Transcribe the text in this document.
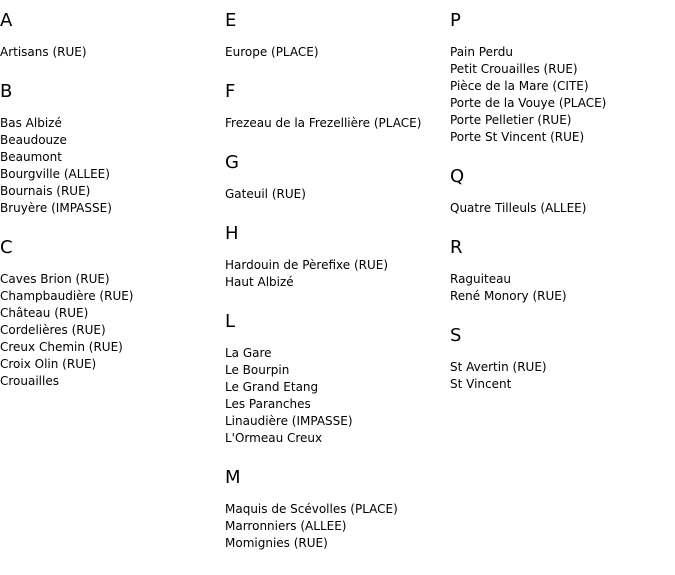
A
Artisans (RUE)
B
Bas Albizé
Beaudouze
Beaumont
Bourgville (ALLEE)
Bournais (RUE)
Bruyère (IMPASSE)
C
Caves Brion (RUE)
Champbaudière (RUE)
Château (RUE)
Cordelières (RUE)
Creux Chemin (RUE)
Croix Olin (RUE)
Crouailles
E
Europe (PLACE)
F
Frezeau de la Frezellière (PLACE)
G
Gateuil (RUE)
H
Hardouin de Pèrefixe (RUE)
Haut Albizé
L
La Gare
Le Bourpin
Le Grand Etang
Les Paranches
Linaudière (IMPASSE)
L'Ormeau Creux
M
Maquis de Scévolles (PLACE)
Marronniers (ALLEE)
Momignies (RUE)
P
Pain Perdu
Petit Crouailles (RUE)
Pièce de la Mare (CITE)
Porte de la Vouye (PLACE)
Porte Pelletier (RUE)
Porte St Vincent (RUE)
Q
Quatre Tilleuls (ALLEE)
R
Raguiteau
René Monory (RUE)
S
St Avertin (RUE)
St Vincent
